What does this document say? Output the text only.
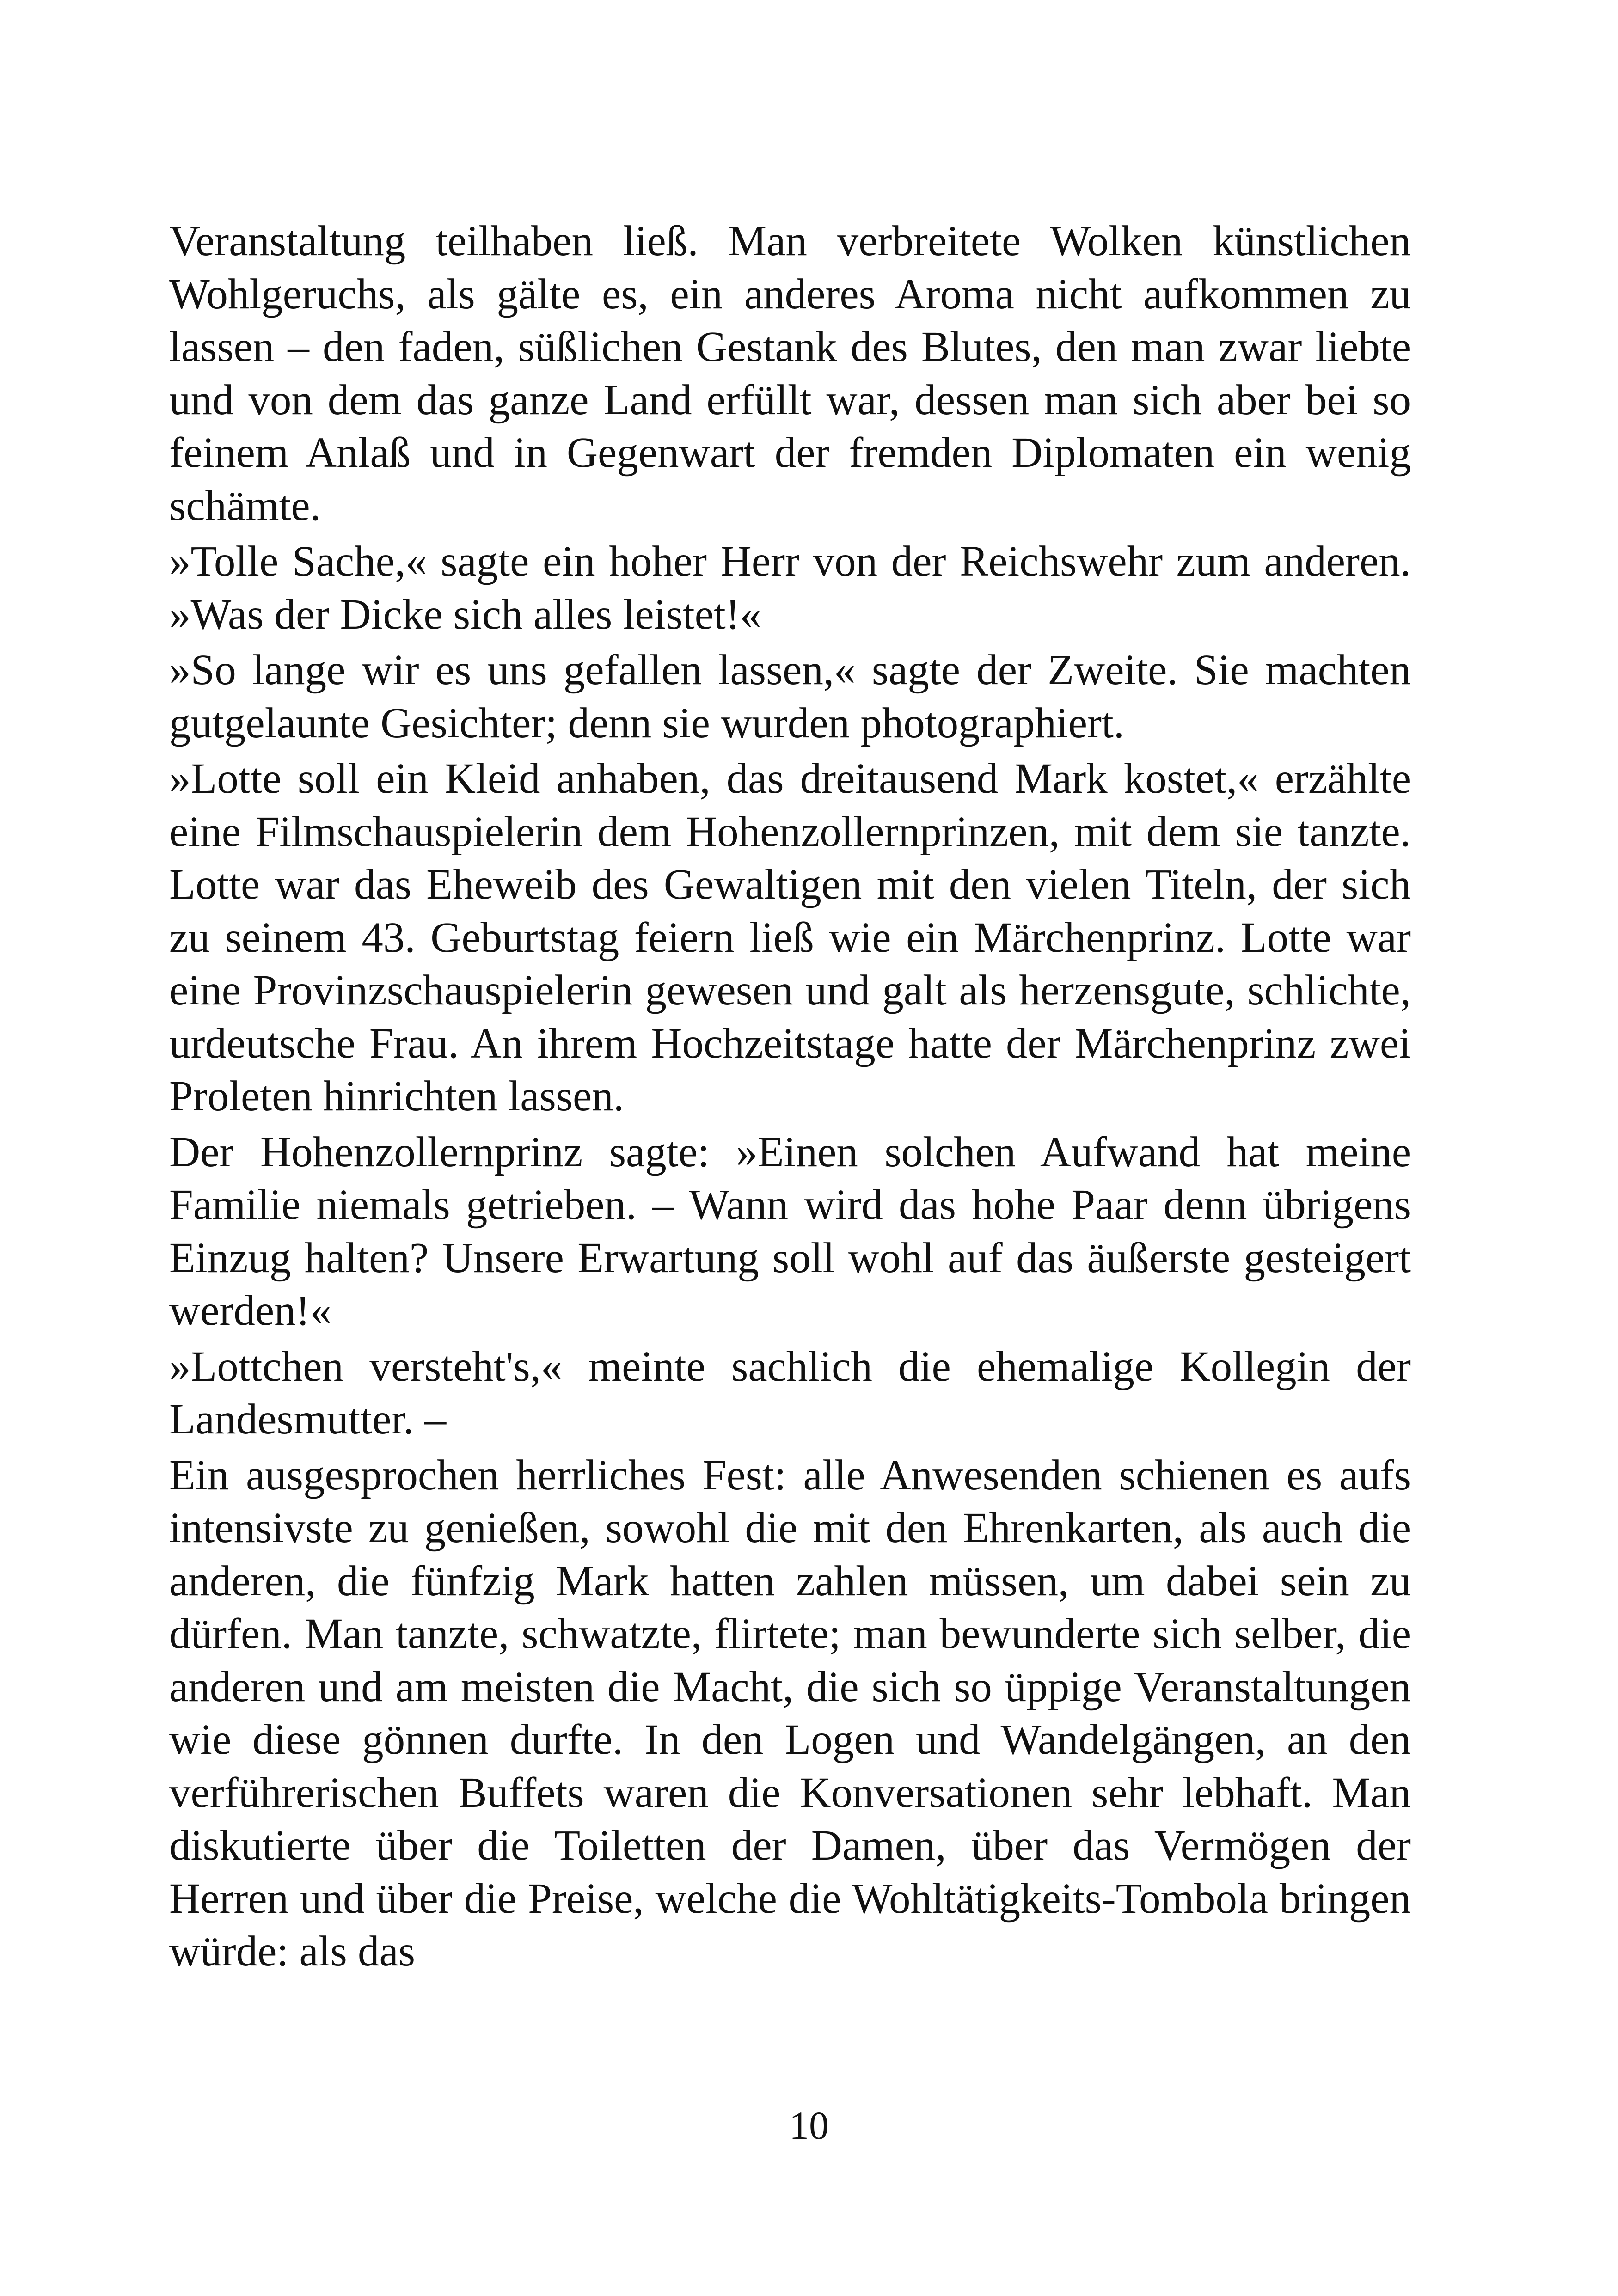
Veranstaltung teilhaben ließ. Man verbreitete Wolken künstlichen Wohlgeruchs, als gälte es, ein anderes Aroma nicht aufkommen zu lassen – den faden, süßlichen Gestank des Blutes, den man zwar liebte und von dem das ganze Land erfüllt war, dessen man sich aber bei so feinem Anlaß und in Gegenwart der fremden Diplomaten ein wenig schämte.

»Tolle Sache,« sagte ein hoher Herr von der Reichswehr zum anderen. »Was der Dicke sich alles leistet!«

»So lange wir es uns gefallen lassen,« sagte der Zweite. Sie machten gutgelaunte Gesichter; denn sie wurden photographiert.

»Lotte soll ein Kleid anhaben, das dreitausend Mark kostet,« erzählte eine Filmschauspielerin dem Hohenzollernprinzen, mit dem sie tanzte. Lotte war das Eheweib des Gewaltigen mit den vielen Titeln, der sich zu seinem 43. Geburtstag feiern ließ wie ein Märchenprinz. Lotte war eine Provinzschauspielerin gewesen und galt als herzensgute, schlichte, urdeutsche Frau. An ihrem Hochzeitstage hatte der Märchenprinz zwei Proleten hinrichten lassen.

Der Hohenzollernprinz sagte: »Einen solchen Aufwand hat meine Familie niemals getrieben. – Wann wird das hohe Paar denn übrigens Einzug halten? Unsere Erwartung soll wohl auf das äußerste gesteigert werden!«

»Lottchen versteht's,« meinte sachlich die ehemalige Kollegin der Landesmutter. –

Ein ausgesprochen herrliches Fest: alle Anwesenden schienen es aufs intensivste zu genießen, sowohl die mit den Ehrenkarten, als auch die anderen, die fünfzig Mark hatten zahlen müssen, um dabei sein zu dürfen. Man tanzte, schwatzte, flirtete; man bewunderte sich selber, die anderen und am meisten die Macht, die sich so üppige Veranstaltungen wie diese gönnen durfte. In den Logen und Wandelgängen, an den verführerischen Buffets waren die Konversationen sehr lebhaft. Man diskutierte über die Toiletten der Damen, über das Vermögen der Herren und über die Preise, welche die Wohltätigkeits-Tombola bringen würde: als das

10
